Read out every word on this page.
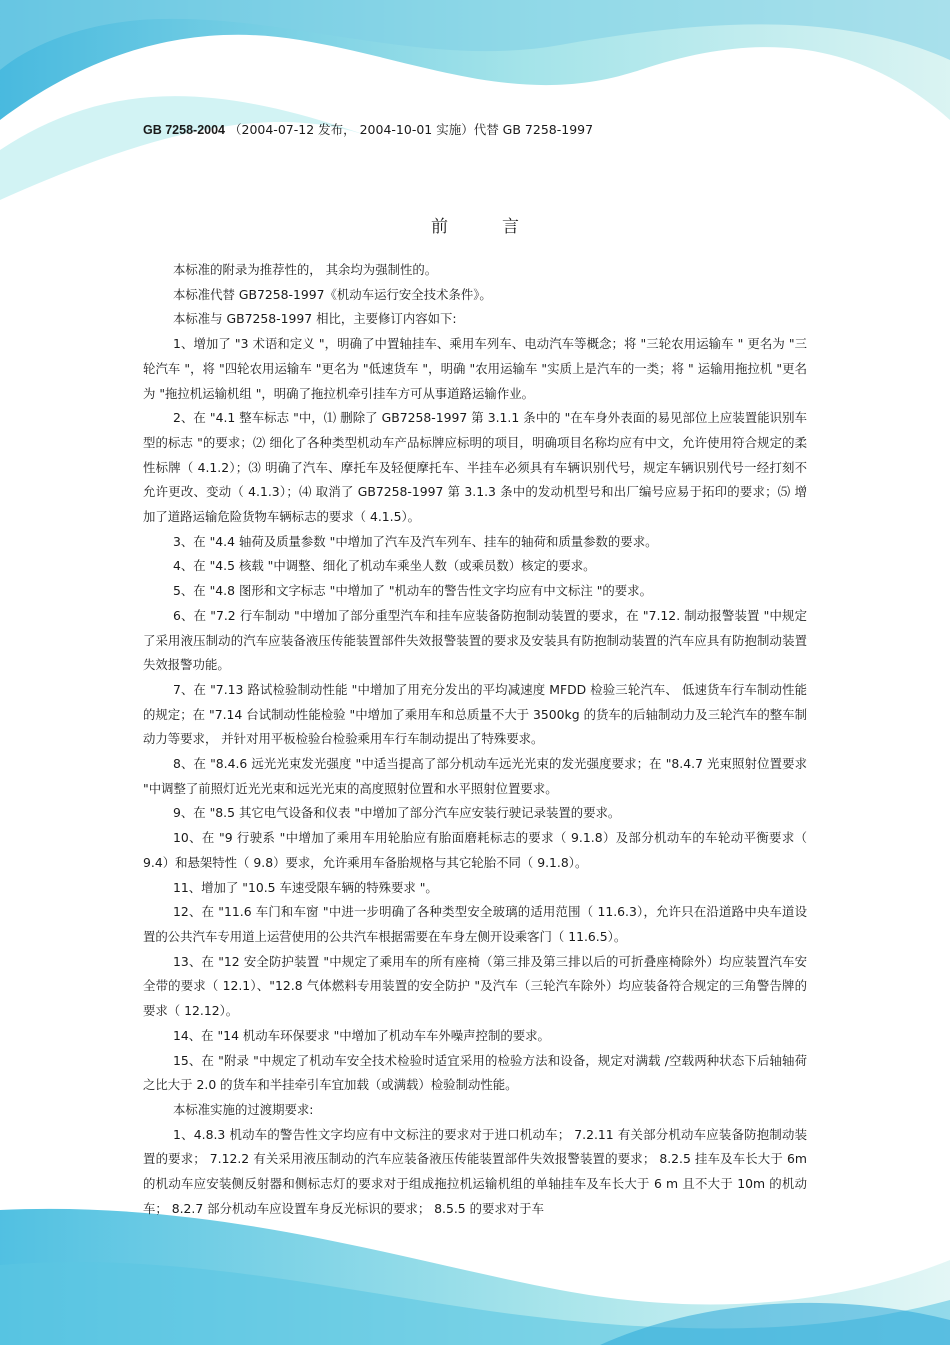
GB 7258-2004 （2004-07-12 发布， 2004-10-01 实施）代替 GB 7258-1997
前言

本标准的附录为推荐性的， 其余均为强制性的。

本标准代替 GB7258-1997《机动车运行安全技术条件》。

本标准与 GB7258-1997 相比，主要修订内容如下:

1、增加了 "3 术语和定义 "，明确了中置轴挂车、乘用车列车、电动汽车等概念；将 "三轮农用运输车 " 更名为 "三轮汽车 "，将 "四轮农用运输车 "更名为 "低速货车 "，明确 "农用运输车 "实质上是汽车的一类；将 " 运输用拖拉机 "更名为 "拖拉机运输机组 "，明确了拖拉机牵引挂车方可从事道路运输作业。

2、在 "4.1 整车标志 "中，⑴ 删除了 GB7258-1997 第 3.1.1 条中的 "在车身外表面的易见部位上应装置能识别车型的标志 "的要求；⑵ 细化了各种类型机动车产品标牌应标明的项目，明确项目名称均应有中文，允许使用符合规定的柔性标牌（ 4.1.2）；⑶ 明确了汽车、摩托车及轻便摩托车、半挂车必须具有车辆识别代号，规定车辆识别代号一经打刻不允许更改、变动（ 4.1.3）；⑷ 取消了 GB7258-1997 第 3.1.3 条中的发动机型号和出厂编号应易于拓印的要求；⑸ 增加了道路运输危险货物车辆标志的要求（ 4.1.5）。

3、在 "4.4 轴荷及质量参数 "中增加了汽车及汽车列车、挂车的轴荷和质量参数的要求。

4、在 "4.5 核载 "中调整、细化了机动车乘坐人数（或乘员数）核定的要求。

5、在 "4.8 图形和文字标志 "中增加了 "机动车的警告性文字均应有中文标注 "的要求。

6、在 "7.2 行车制动 "中增加了部分重型汽车和挂车应装备防抱制动装置的要求，在 "7.12. 制动报警装置 "中规定了采用液压制动的汽车应装备液压传能装置部件失效报警装置的要求及安装具有防抱制动装置的汽车应具有防抱制动装置失效报警功能。

7、在 "7.13 路试检验制动性能 "中增加了用充分发出的平均减速度 MFDD 检验三轮汽车、 低速货车行车制动性能的规定；在 "7.14 台试制动性能检验 "中增加了乘用车和总质量不大于 3500kg 的货车的后轴制动力及三轮汽车的整车制动力等要求， 并针对用平板检验台检验乘用车行车制动提出了特殊要求。

8、在 "8.4.6 远光光束发光强度 "中适当提高了部分机动车远光光束的发光强度要求；在 "8.4.7 光束照射位置要求 "中调整了前照灯近光光束和远光光束的高度照射位置和水平照射位置要求。

9、在 "8.5 其它电气设备和仪表 "中增加了部分汽车应安装行驶记录装置的要求。

10、在 "9 行驶系 "中增加了乘用车用轮胎应有胎面磨耗标志的要求（ 9.1.8）及部分机动车的车轮动平衡要求（ 9.4）和悬架特性（ 9.8）要求，允许乘用车备胎规格与其它轮胎不同（ 9.1.8）。

11、增加了 "10.5 车速受限车辆的特殊要求 "。

12、在 "11.6 车门和车窗 "中进一步明确了各种类型安全玻璃的适用范围（ 11.6.3），允许只在沿道路中央车道设置的公共汽车专用道上运营使用的公共汽车根据需要在车身左侧开设乘客门（ 11.6.5）。

13、在 "12 安全防护装置 "中规定了乘用车的所有座椅（第三排及第三排以后的可折叠座椅除外）均应装置汽车安全带的要求（ 12.1）、"12.8 气体燃料专用装置的安全防护 "及汽车（三轮汽车除外）均应装备符合规定的三角警告牌的要求（ 12.12）。

14、在 "14 机动车环保要求 "中增加了机动车车外噪声控制的要求。

15、在 "附录 "中规定了机动车安全技术检验时适宜采用的检验方法和设备，规定对满载 /空载两种状态下后轴轴荷之比大于 2.0 的货车和半挂牵引车宜加载（或满载）检验制动性能。

本标准实施的过渡期要求:

1、4.8.3 机动车的警告性文字均应有中文标注的要求对于进口机动车； 7.2.11 有关部分机动车应装备防抱制动装置的要求； 7.12.2 有关采用液压制动的汽车应装备液压传能装置部件失效报警装置的要求； 8.2.5 挂车及车长大于 6m 的机动车应安装侧反射器和侧标志灯的要求对于组成拖拉机运输机组的单轴挂车及车长大于 6 m 且不大于 10m 的机动车； 8.2.7 部分机动车应设置车身反光标识的要求； 8.5.5 的要求对于车
